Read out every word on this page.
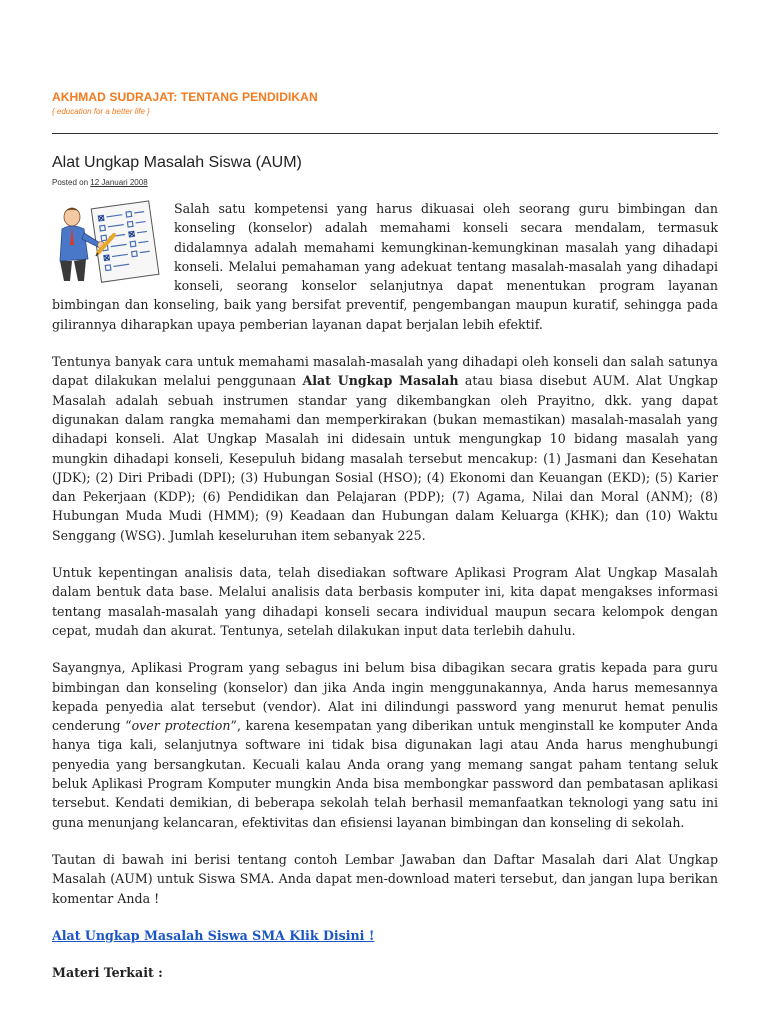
AKHMAD SUDRAJAT: TENTANG PENDIDIKAN
{ education for a better life }
Alat Ungkap Masalah Siswa (AUM)
Posted on 12 Januari 2008

Salah satu kompetensi yang harus dikuasai oleh seorang guru bimbingan dan konseling (konselor) adalah memahami konseli secara mendalam, termasuk didalamnya adalah memahami kemungkinan-kemungkinan masalah yang dihadapi konseli. Melalui pemahaman yang adekuat tentang masalah-masalah yang dihadapi konseli, seorang konselor selanjutnya dapat menentukan program layanan bimbingan dan konseling, baik yang bersifat preventif, pengembangan maupun kuratif, sehingga pada gilirannya diharapkan upaya pemberian layanan dapat berjalan lebih efektif.

Tentunya banyak cara untuk memahami masalah-masalah yang dihadapi oleh konseli dan salah satunya dapat dilakukan melalui penggunaan Alat Ungkap Masalah atau biasa disebut AUM. Alat Ungkap Masalah adalah sebuah instrumen standar yang dikembangkan oleh Prayitno, dkk. yang dapat digunakan dalam rangka memahami dan memperkirakan (bukan memastikan) masalah-masalah yang dihadapi konseli. Alat Ungkap Masalah ini didesain untuk mengungkap 10 bidang masalah yang mungkin dihadapi konseli, Kesepuluh bidang masalah tersebut mencakup: (1) Jasmani dan Kesehatan (JDK); (2) Diri Pribadi (DPI); (3) Hubungan Sosial (HSO); (4) Ekonomi dan Keuangan (EKD); (5) Karier dan Pekerjaan (KDP); (6) Pendidikan dan Pelajaran (PDP); (7) Agama, Nilai dan Moral (ANM); (8) Hubungan Muda Mudi (HMM); (9) Keadaan dan Hubungan dalam Keluarga (KHK); dan (10) Waktu Senggang (WSG). Jumlah keseluruhan item sebanyak 225.

Untuk kepentingan analisis data, telah disediakan software Aplikasi Program Alat Ungkap Masalah dalam bentuk data base. Melalui analisis data berbasis komputer ini, kita dapat mengakses informasi tentang masalah-masalah yang dihadapi konseli secara individual maupun secara kelompok dengan cepat, mudah dan akurat. Tentunya, setelah dilakukan input data terlebih dahulu.

Sayangnya, Aplikasi Program yang sebagus ini belum bisa dibagikan secara gratis kepada para guru bimbingan dan konseling (konselor) dan jika Anda ingin menggunakannya, Anda harus memesannya kepada penyedia alat tersebut (vendor). Alat ini dilindungi password yang menurut hemat penulis cenderung “over protection”, karena kesempatan yang diberikan untuk menginstall ke komputer Anda hanya tiga kali, selanjutnya software ini tidak bisa digunakan lagi atau Anda harus menghubungi penyedia yang bersangkutan. Kecuali kalau Anda orang yang memang sangat paham tentang seluk beluk Aplikasi Program Komputer mungkin Anda bisa membongkar password dan pembatasan aplikasi tersebut. Kendati demikian, di beberapa sekolah telah berhasil memanfaatkan teknologi yang satu ini guna menunjang kelancaran, efektivitas dan efisiensi layanan bimbingan dan konseling di sekolah.

Tautan di bawah ini berisi tentang contoh Lembar Jawaban dan Daftar Masalah dari Alat Ungkap Masalah (AUM) untuk Siswa SMA. Anda dapat men-download materi tersebut, dan jangan lupa berikan komentar Anda !

Alat Ungkap Masalah Siswa SMA Klik Disini !

Materi Terkait :
